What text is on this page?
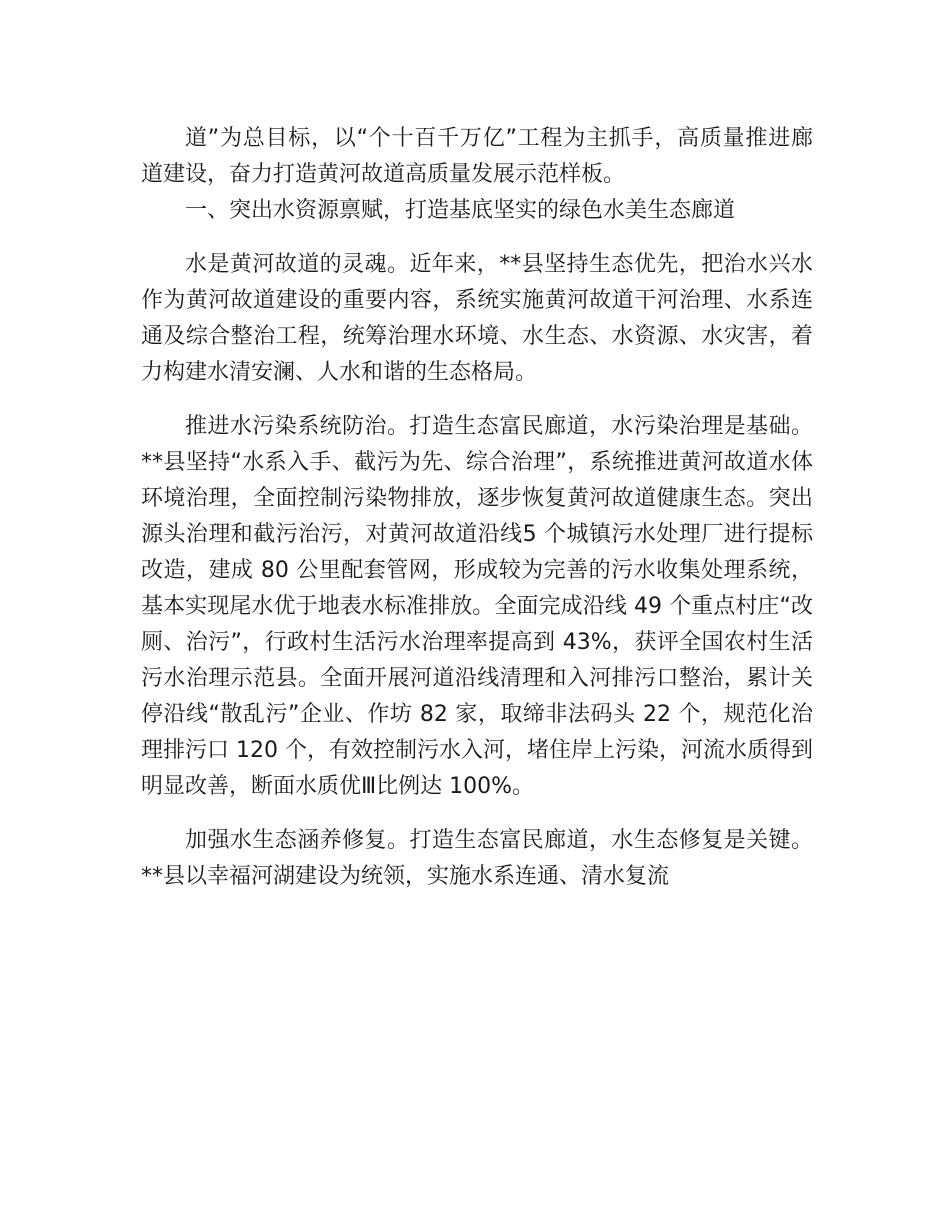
道”为总目标，以“个十百千万亿”工程为主抓手，高质量推进廊道建设，奋力打造黄河故道高质量发展示范样板。

一、突出水资源禀赋，打造基底坚实的绿色水美生态廊道

水是黄河故道的灵魂。近年来，**县坚持生态优先，把治水兴水作为黄河故道建设的重要内容，系统实施黄河故道干河治理、水系连通及综合整治工程，统筹治理水环境、水生态、水资源、水灾害，着力构建水清安澜、人水和谐的生态格局。

推进水污染系统防治。打造生态富民廊道，水污染治理是基础。**县坚持“水系入手、截污为先、综合治理”，系统推进黄河故道水体环境治理，全面控制污染物排放，逐步恢复黄河故道健康生态。突出源头治理和截污治污，对黄河故道沿线5 个城镇污水处理厂进行提标改造，建成 80 公里配套管网，形成较为完善的污水收集处理系统，基本实现尾水优于地表水标准排放。全面完成沿线 49 个重点村庄“改厕、治污”，行政村生活污水治理率提高到 43%，获评全国农村生活污水治理示范县。全面开展河道沿线清理和入河排污口整治，累计关停沿线“散乱污”企业、作坊 82 家，取缔非法码头 22 个，规范化治理排污口 120 个，有效控制污水入河，堵住岸上污染，河流水质得到明显改善，断面水质优Ⅲ比例达 100%。

加强水生态涵养修复。打造生态富民廊道，水生态修复是关键。**县以幸福河湖建设为统领，实施水系连通、清水复流
